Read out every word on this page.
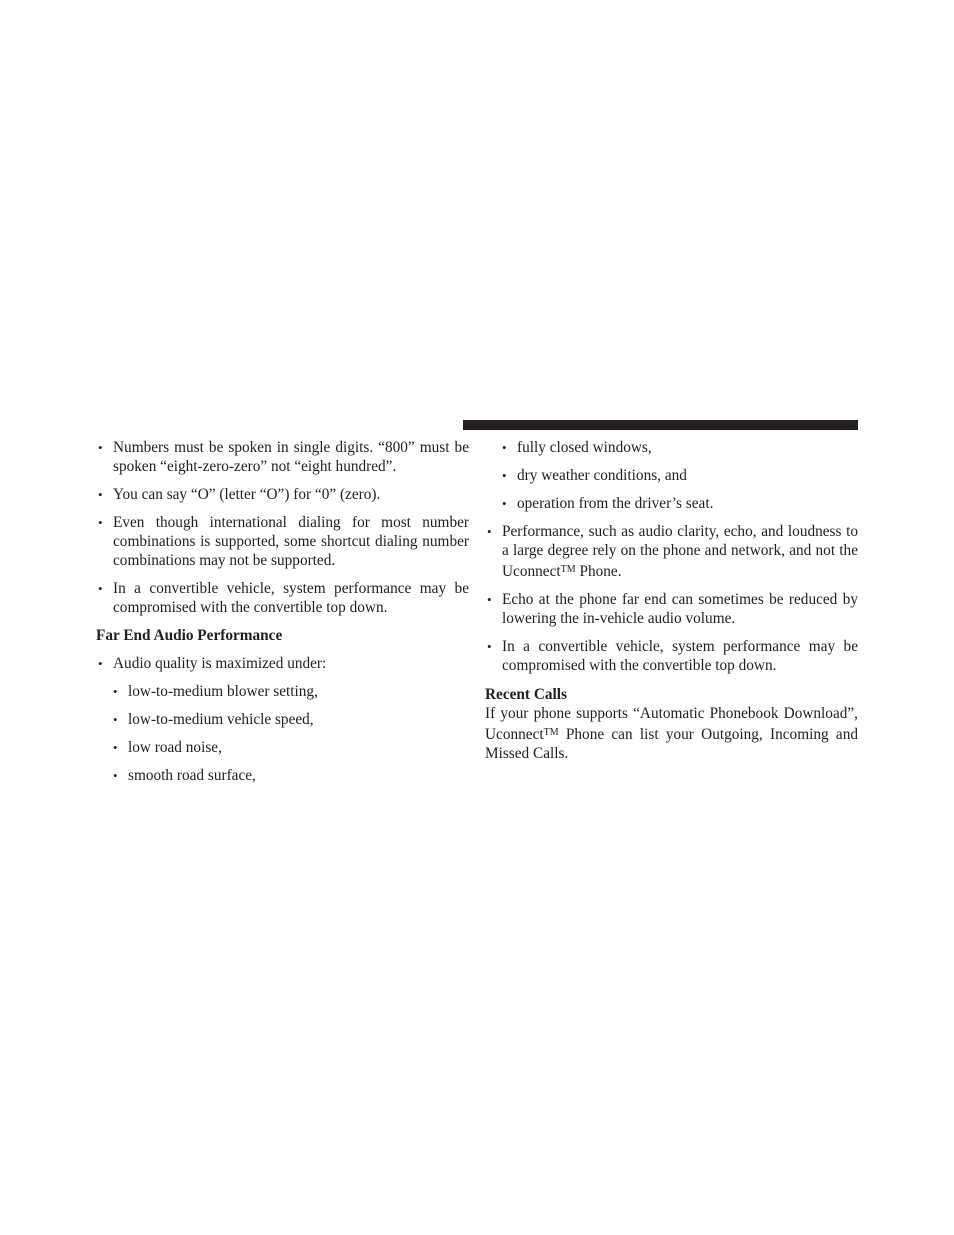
• Numbers must be spoken in single digits. “800” must be spoken “eight-zero-zero” not “eight hundred”.
• You can say “O” (letter “O”) for “0” (zero).
• Even though international dialing for most number combinations is supported, some shortcut dialing number combinations may not be supported.
• In a convertible vehicle, system performance may be compromised with the convertible top down.
Far End Audio Performance
• Audio quality is maximized under:
• low-to-medium blower setting,
• low-to-medium vehicle speed,
• low road noise,
• smooth road surface,
• fully closed windows,
• dry weather conditions, and
• operation from the driver’s seat.
• Performance, such as audio clarity, echo, and loudness to a large degree rely on the phone and network, and not the Uconnect™ Phone.
• Echo at the phone far end can sometimes be reduced by lowering the in-vehicle audio volume.
• In a convertible vehicle, system performance may be compromised with the convertible top down.
Recent Calls

If your phone supports “Automatic Phonebook Download”, Uconnect™ Phone can list your Outgoing, Incoming and Missed Calls.
